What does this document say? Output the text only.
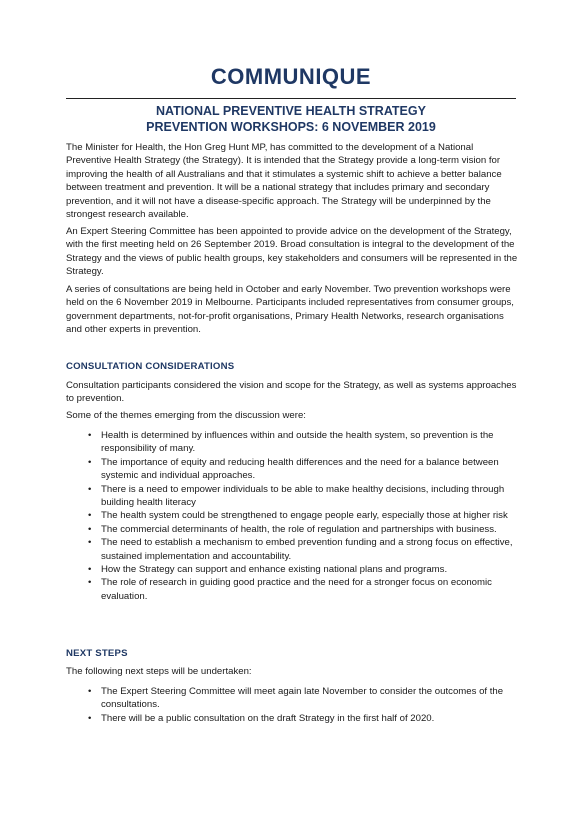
COMMUNIQUE
NATIONAL PREVENTIVE HEALTH STRATEGY
PREVENTION WORKSHOPS: 6 NOVEMBER 2019

The Minister for Health, the Hon Greg Hunt MP, has committed to the development of a National Preventive Health Strategy (the Strategy). It is intended that the Strategy provide a long-term vision for improving the health of all Australians and that it stimulates a systemic shift to achieve a better balance between treatment and prevention. It will be a national strategy that includes primary and secondary prevention, and it will not have a disease-specific approach. The Strategy will be underpinned by the strongest research available.

An Expert Steering Committee has been appointed to provide advice on the development of the Strategy, with the first meeting held on 26 September 2019. Broad consultation is integral to the development of the Strategy and the views of public health groups, key stakeholders and consumers will be represented in the Strategy.

A series of consultations are being held in October and early November. Two prevention workshops were held on the 6 November 2019 in Melbourne. Participants included representatives from consumer groups, government departments, not-for-profit organisations, Primary Health Networks, research organisations and other experts in prevention.

CONSULTATION CONSIDERATIONS

Consultation participants considered the vision and scope for the Strategy, as well as systems approaches to prevention.

Some of the themes emerging from the discussion were:

• Health is determined by influences within and outside the health system, so prevention is the responsibility of many.
• The importance of equity and reducing health differences and the need for a balance between systemic and individual approaches.
• There is a need to empower individuals to be able to make healthy decisions, including through building health literacy
• The health system could be strengthened to engage people early, especially those at higher risk
• The commercial determinants of health, the role of regulation and partnerships with business.
• The need to establish a mechanism to embed prevention funding and a strong focus on effective, sustained implementation and accountability.
• How the Strategy can support and enhance existing national plans and programs.
• The role of research in guiding good practice and the need for a stronger focus on economic evaluation.
NEXT STEPS

The following next steps will be undertaken:

• The Expert Steering Committee will meet again late November to consider the outcomes of the consultations.
• There will be a public consultation on the draft Strategy in the first half of 2020.
